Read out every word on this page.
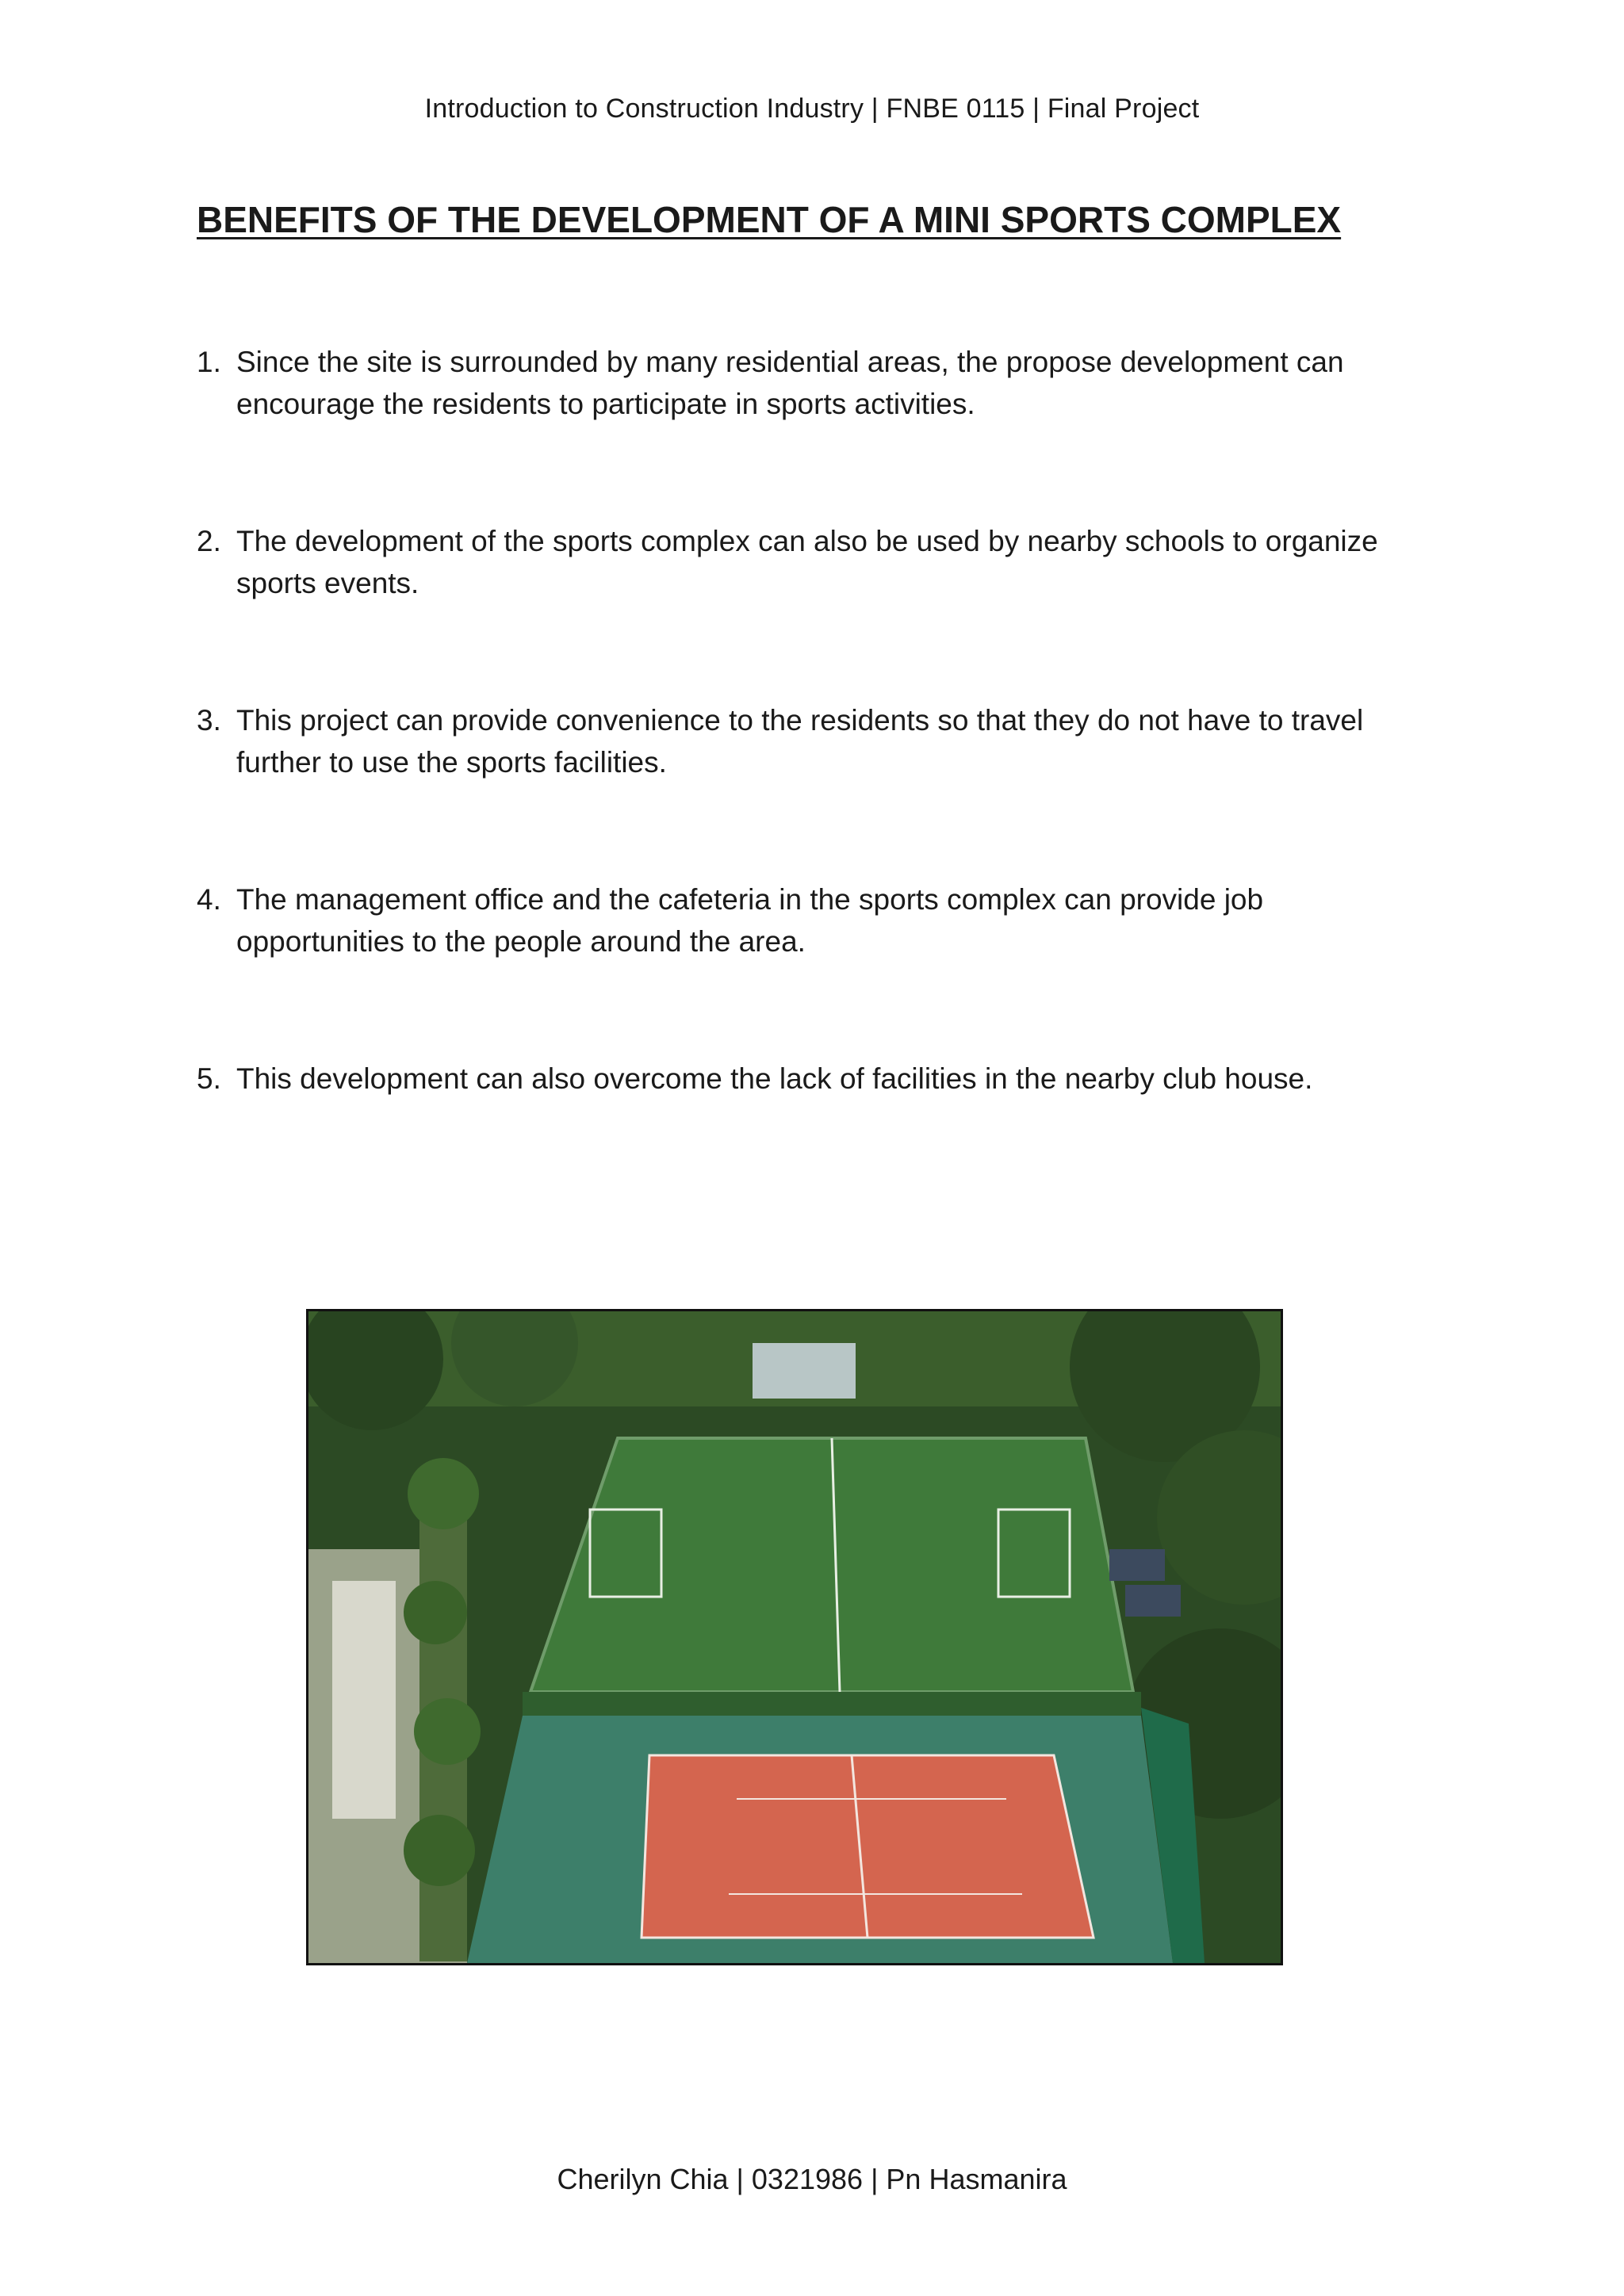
Introduction to Construction Industry | FNBE 0115 | Final Project
BENEFITS OF THE DEVELOPMENT OF A MINI SPORTS COMPLEX
1. Since the site is surrounded by many residential areas, the propose development can
encourage the residents to participate in sports activities.
2. The development of the sports complex can also be used by nearby schools to organize
sports events.
3. This project can provide convenience to the residents so that they do not have to travel
further to use the sports facilities.
4. The management office and the cafeteria in the sports complex can provide job
opportunities to the people around the area.
5. This development can also overcome the lack of facilities in the nearby club house.
Cherilyn Chia | 0321986 | Pn Hasmanira
